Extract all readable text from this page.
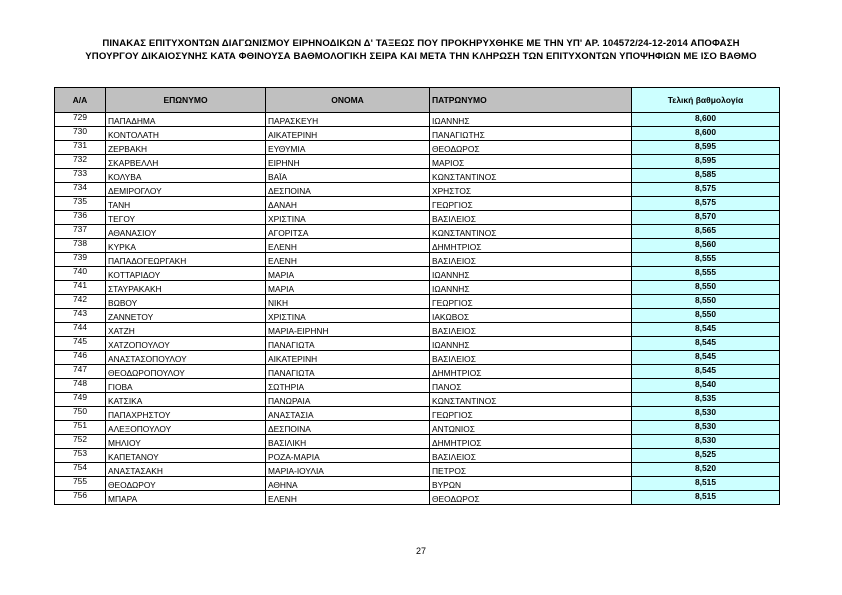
ΠΙΝΑΚΑΣ ΕΠΙΤΥΧΟΝΤΩΝ ΔΙΑΓΩΝΙΣΜΟΥ ΕΙΡΗΝΟΔΙΚΩΝ Δ' ΤΑΞΕΩΣ ΠΟΥ ΠΡΟΚΗΡΥΧΘΗΚΕ ΜΕ ΤΗΝ ΥΠ' ΑΡ. 104572/24-12-2014 ΑΠΟΦΑΣΗ
ΥΠΟΥΡΓΟΥ ΔΙΚΑΙΟΣΥΝΗΣ ΚΑΤΑ ΦΘΙΝΟΥΣΑ ΒΑΘΜΟΛΟΓΙΚΗ ΣΕΙΡΑ ΚΑΙ ΜΕΤΑ ΤΗΝ ΚΛΗΡΩΣΗ ΤΩΝ ΕΠΙΤΥΧΟΝΤΩΝ ΥΠΟΨΗΦΙΩΝ ΜΕ ΙΣΟ ΒΑΘΜΟ
Α/Α	ΕΠΩΝΥΜΟ	ΟΝΟΜΑ	ΠΑΤΡΩΝΥΜΟ	Τελική βαθμολογία
729	ΠΑΠΑΔΗΜΑ	ΠΑΡΑΣΚΕΥΗ	ΙΩΑΝΝΗΣ	8,600
730	ΚΟΝΤΟΛΑΤΗ	ΑΙΚΑΤΕΡΙΝΗ	ΠΑΝΑΓΙΩΤΗΣ	8,600
731	ΖΕΡΒΑΚΗ	ΕΥΘΥΜΙΑ	ΘΕΟΔΩΡΟΣ	8,595
732	ΣΚΑΡΒΕΛΛΗ	ΕΙΡΗΝΗ	ΜΑΡΙΟΣ	8,595
733	ΚΟΛΥΒΑ	ΒΑΪΑ	ΚΩΝΣΤΑΝΤΙΝΟΣ	8,585
734	ΔΕΜΙΡΟΓΛΟΥ	ΔΕΣΠΟΙΝΑ	ΧΡΗΣΤΟΣ	8,575
735	ΤΑΝΗ	ΔΑΝΑΗ	ΓΕΩΡΓΙΟΣ	8,575
736	ΤΕΓΟΥ	ΧΡΙΣΤΙΝΑ	ΒΑΣΙΛΕΙΟΣ	8,570
737	ΑΘΑΝΑΣΙΟΥ	ΑΓΟΡΙΤΣΑ	ΚΩΝΣΤΑΝΤΙΝΟΣ	8,565
738	ΚΥΡΚΑ	ΕΛΕΝΗ	ΔΗΜΗΤΡΙΟΣ	8,560
739	ΠΑΠΑΔΟΓΕΩΡΓΑΚΗ	ΕΛΕΝΗ	ΒΑΣΙΛΕΙΟΣ	8,555
740	ΚΟΤΤΑΡΙΔΟΥ	ΜΑΡΙΑ	ΙΩΑΝΝΗΣ	8,555
741	ΣΤΑΥΡΑΚΑΚΗ	ΜΑΡΙΑ	ΙΩΑΝΝΗΣ	8,550
742	ΒΩΒΟΥ	ΝΙΚΗ	ΓΕΩΡΓΙΟΣ	8,550
743	ΖΑΝΝΕΤΟΥ	ΧΡΙΣΤΙΝΑ	ΙΑΚΩΒΟΣ	8,550
744	ΧΑΤΖΗ	ΜΑΡΙΑ-ΕΙΡΗΝΗ	ΒΑΣΙΛΕΙΟΣ	8,545
745	ΧΑΤΖΟΠΟΥΛΟΥ	ΠΑΝΑΓΙΩΤΑ	ΙΩΑΝΝΗΣ	8,545
746	ΑΝΑΣΤΑΣΟΠΟΥΛΟΥ	ΑΙΚΑΤΕΡΙΝΗ	ΒΑΣΙΛΕΙΟΣ	8,545
747	ΘΕΟΔΩΡΟΠΟΥΛΟΥ	ΠΑΝΑΓΙΩΤΑ	ΔΗΜΗΤΡΙΟΣ	8,545
748	ΓΙΟΒΑ	ΣΩΤΗΡΙΑ	ΠΑΝΟΣ	8,540
749	ΚΑΤΣΙΚΑ	ΠΑΝΩΡΑΙΑ	ΚΩΝΣΤΑΝΤΙΝΟΣ	8,535
750	ΠΑΠΑΧΡΗΣΤΟΥ	ΑΝΑΣΤΑΣΙΑ	ΓΕΩΡΓΙΟΣ	8,530
751	ΑΛΕΞΟΠΟΥΛΟΥ	ΔΕΣΠΟΙΝΑ	ΑΝΤΩΝΙΟΣ	8,530
752	ΜΗΛΙΟΥ	ΒΑΣΙΛΙΚΗ	ΔΗΜΗΤΡΙΟΣ	8,530
753	ΚΑΠΕΤΑΝΟΥ	ΡΟΖΑ-ΜΑΡΙΑ	ΒΑΣΙΛΕΙΟΣ	8,525
754	ΑΝΑΣΤΑΣΑΚΗ	ΜΑΡΙΑ-ΙΟΥΛΙΑ	ΠΕΤΡΟΣ	8,520
755	ΘΕΟΔΩΡΟΥ	ΑΘΗΝΑ	ΒΥΡΩΝ	8,515
756	ΜΠΑΡΑ	ΕΛΕΝΗ	ΘΕΟΔΩΡΟΣ	8,515
27
